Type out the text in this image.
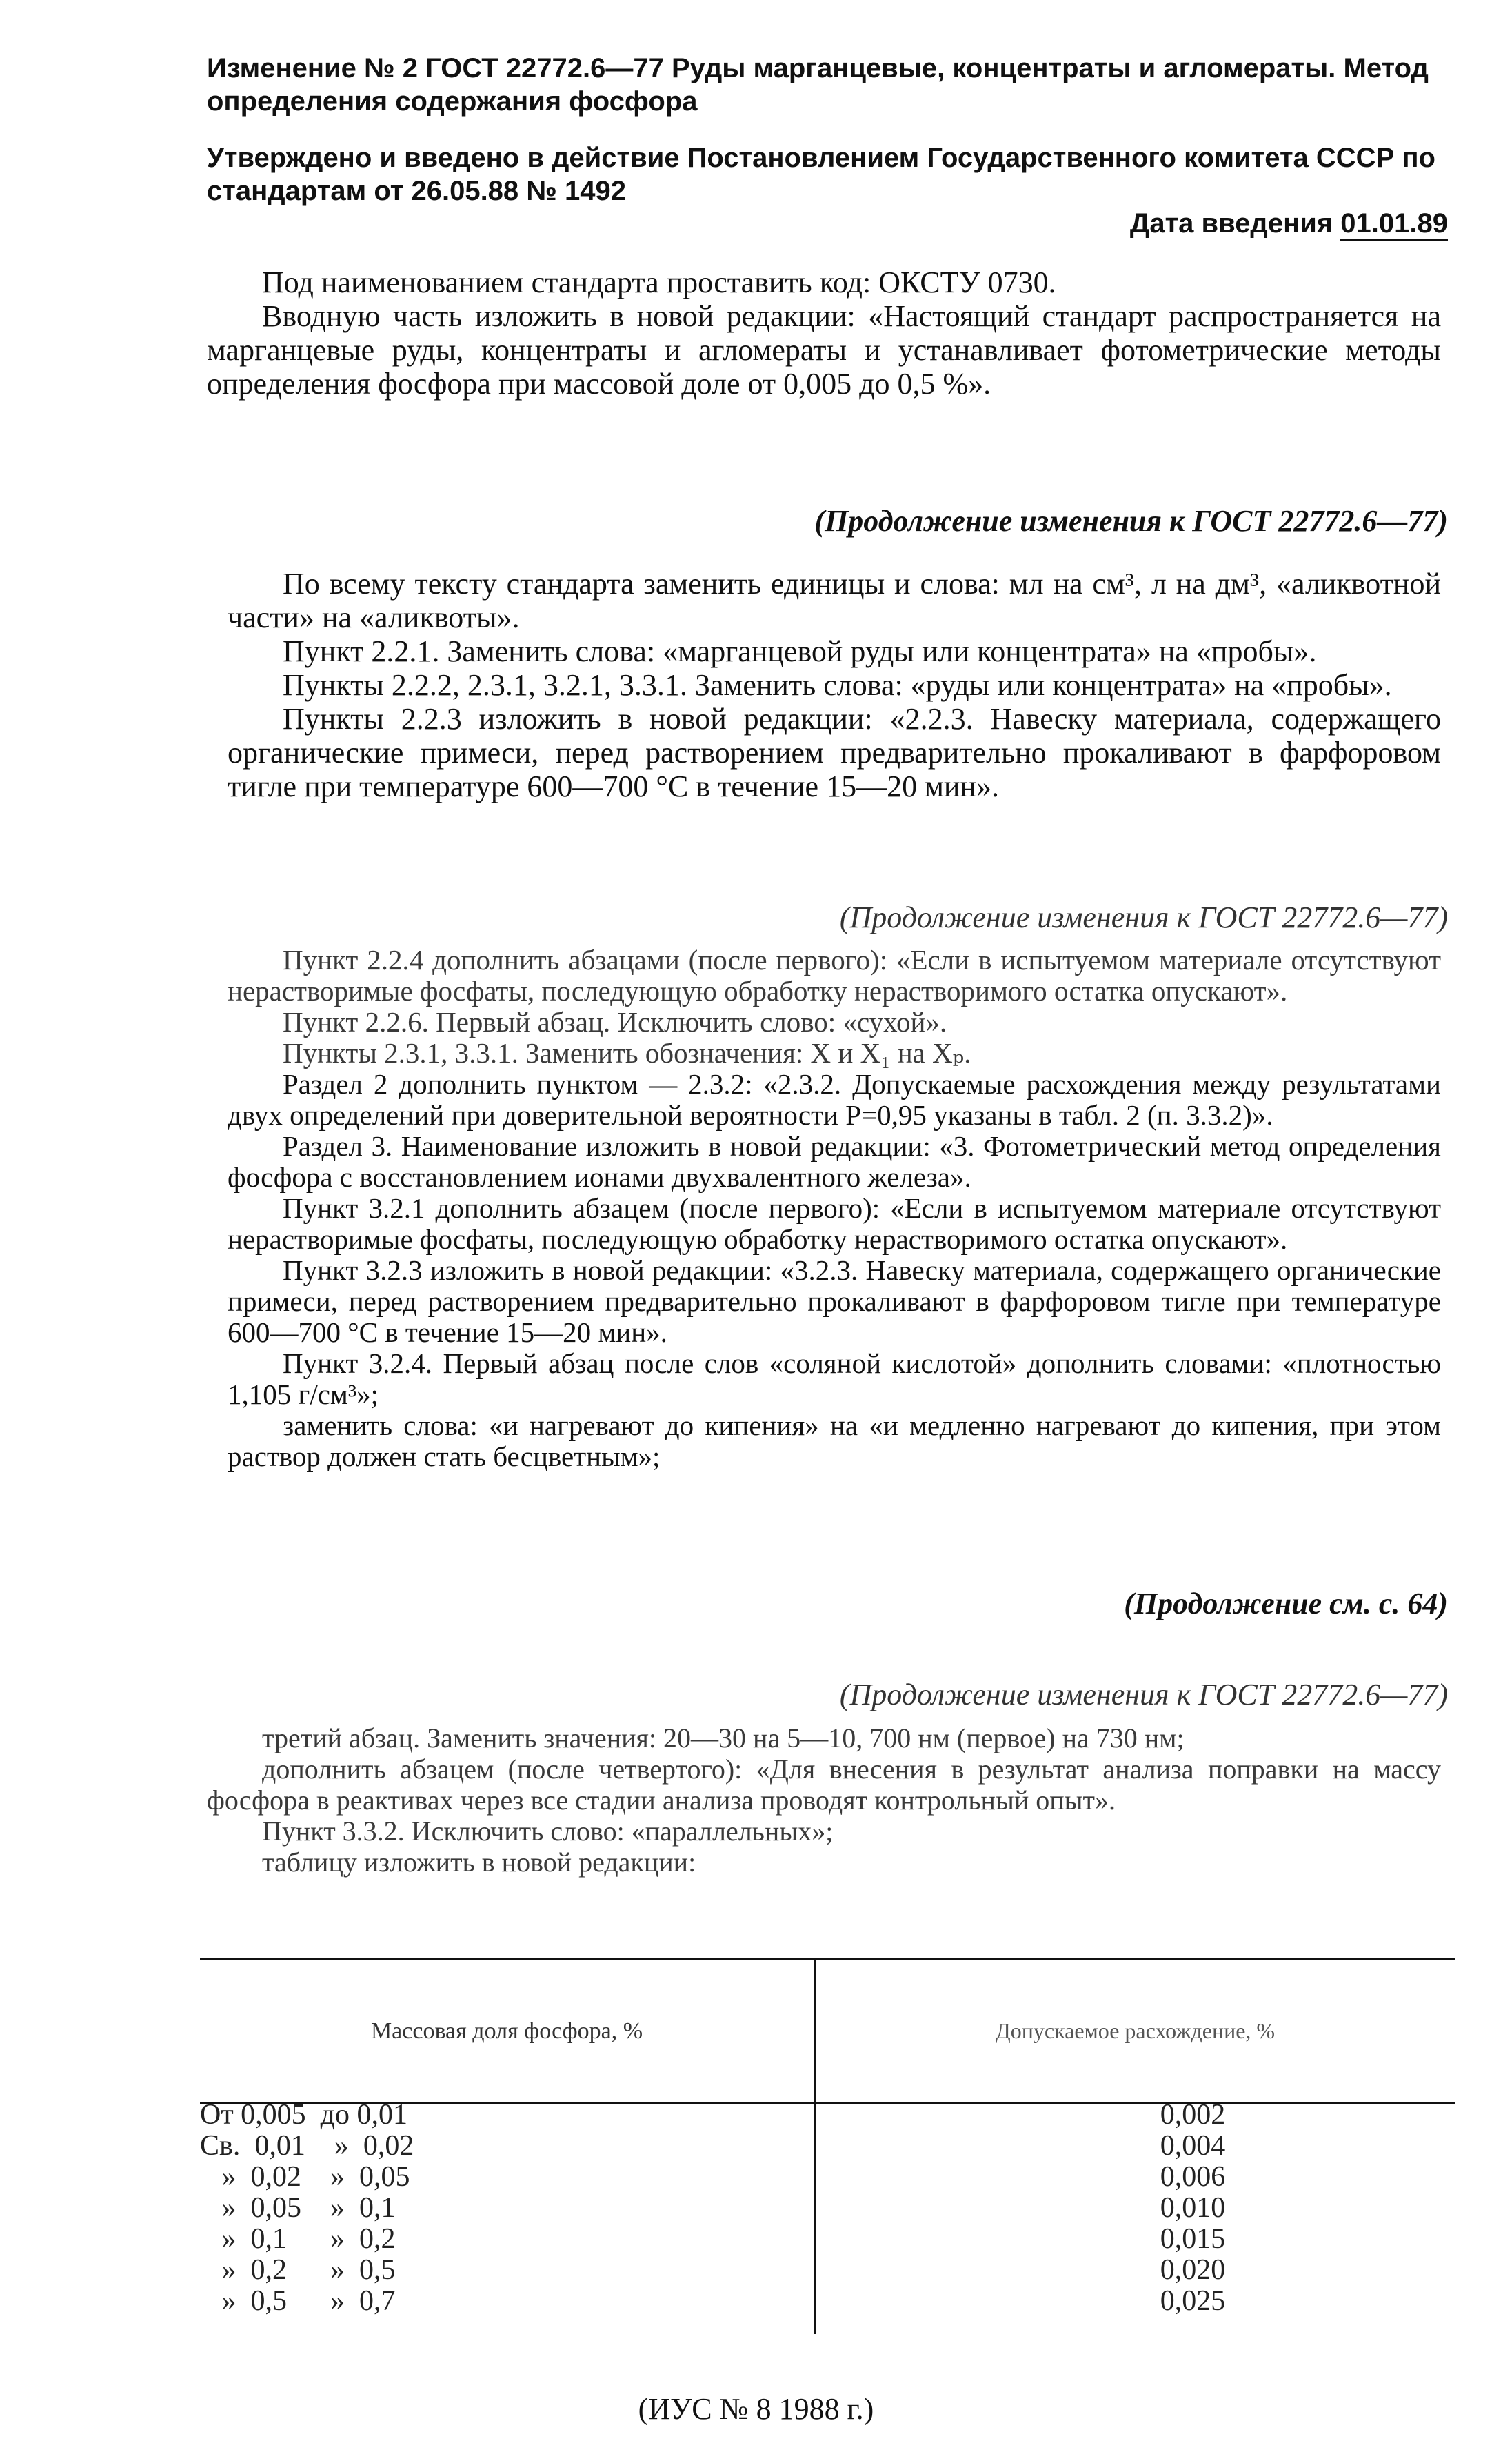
Изменение № 2 ГОСТ 22772.6—77 Руды марганцевые, концентраты и агломераты. Метод определения содержания фосфора

Утверждено и введено в действие Постановлением Государственного комитета СССР по стандартам от 26.05.88 № 1492

Дата введения 01.01.89

Под наименованием стандарта проставить код: ОКСТУ 0730.

Вводную часть изложить в новой редакции: «Настоящий стандарт распространяется на марганцевые руды, концентраты и агломераты и устанавливает фотометрические методы определения фосфора при массовой доле от 0,005 до 0,5 %».

(Продолжение изменения к ГОСТ 22772.6—77)

По всему тексту стандарта заменить единицы и слова: мл на см³, л на дм³, «аликвотной части» на «аликвоты».

Пункт 2.2.1. Заменить слова: «марганцевой руды или концентрата» на «пробы».

Пункты 2.2.2, 2.3.1, 3.2.1, 3.3.1. Заменить слова: «руды или концентрата» на «пробы».

Пункты 2.2.3 изложить в новой редакции: «2.2.3. Навеску материала, содержащего органические примеси, перед растворением предварительно прокаливают в фарфоровом тигле при температуре 600—700 °С в течение 15—20 мин».

(Продолжение изменения к ГОСТ 22772.6—77)

Пункт 2.2.4 дополнить абзацами (после первого): «Если в испытуемом материале отсутствуют нерастворимые фосфаты, последующую обработку нерастворимого остатка опускают».

Пункт 2.2.6. Первый абзац. Исключить слово: «сухой».

Пункты 2.3.1, 3.3.1. Заменить обозначения: X и X₁ на Xₚ.

Раздел 2 дополнить пунктом — 2.3.2: «2.3.2. Допускаемые расхождения между результатами двух определений при доверительной вероятности P=0,95 указаны в табл. 2 (п. 3.3.2)».

Раздел 3. Наименование изложить в новой редакции: «3. Фотометрический метод определения фосфора с восстановлением ионами двухвалентного железа».

Пункт 3.2.1 дополнить абзацем (после первого): «Если в испытуемом материале отсутствуют нерастворимые фосфаты, последующую обработку нерастворимого остатка опускают».

Пункт 3.2.3 изложить в новой редакции: «3.2.3. Навеску материала, содержащего органические примеси, перед растворением предварительно прокаливают в фарфоровом тигле при температуре 600—700 °С в течение 15—20 мин».

Пункт 3.2.4. Первый абзац после слов «соляной кислотой» дополнить словами: «плотностью 1,105 г/см³»;

заменить слова: «и нагревают до кипения» на «и медленно нагревают до кипения, при этом раствор должен стать бесцветным»;

(Продолжение см. с. 64)
(Продолжение изменения к ГОСТ 22772.6—77)

третий абзац. Заменить значения: 20—30 на 5—10, 700 нм (первое) на 730 нм;

дополнить абзацем (после четвертого): «Для внесения в результат анализа поправки на массу фосфора в реактивах через все стадии анализа проводят контрольный опыт».

Пункт 3.3.2. Исключить слово: «параллельных»;

таблицу изложить в новой редакции:

Массовая доля фосфора, %	Допускаемое расхождение, %
От 0,005  до 0,01	0,002
Св.  0,01    »  0,02	0,004
»  0,02    »  0,05	0,006
»  0,05    »  0,1	0,010
»  0,1      »  0,2	0,015
»  0,2      »  0,5	0,020
»  0,5      »  0,7	0,025
(ИУС № 8 1988 г.)
